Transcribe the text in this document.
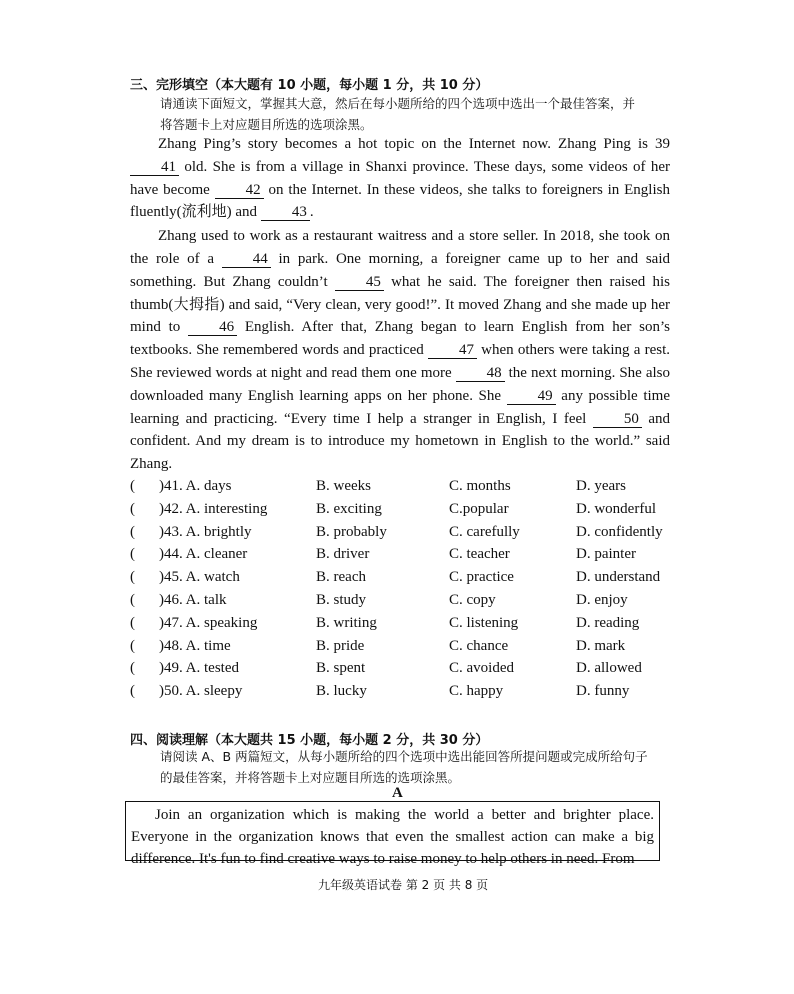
三、完形填空（本大题有 10 小题，每小题 1 分，共 10 分）
请通读下面短文，掌握其大意，然后在每小题所给的四个选项中选出一个最佳答案，并
将答题卡上对应题目所选的选项涂黑。

Zhang Ping’s story becomes a hot topic on the Internet now. Zhang Ping is 39 41 old. She is from a village in Shanxi province. These days, some videos of her have become 42 on the Internet. In these videos, she talks to foreigners in English fluently(流利地) and 43 .

Zhang used to work as a restaurant waitress and a store seller. In 2018, she took on the role of a 44 in park. One morning, a foreigner came up to her and said something. But Zhang couldn’t 45 what he said. The foreigner then raised his thumb(大拇指) and said, “Very clean, very good!”. It moved Zhang and she made up her mind to 46 English. After that, Zhang began to learn English from her son’s textbooks. She remembered words and practiced 47 when others were taking a rest. She reviewed words at night and read them one more 48 the next morning. She also downloaded many English learning apps on her phone. She 49 any possible time learning and practicing. “Every time I help a stranger in English, I feel 50 and confident. And my dream is to introduce my hometown in English to the world.” said Zhang.

( )41. A. days	B. weeks	C. months	D. years
( )42. A. interesting	B. exciting	C.popular	D. wonderful
( )43. A. brightly	B. probably	C. carefully	D. confidently
( )44. A. cleaner	B. driver	C. teacher	D. painter
( )45. A. watch	B. reach	C. practice	D. understand
( )46. A. talk	B. study	C. copy	D. enjoy
( )47. A. speaking	B. writing	C. listening	D. reading
( )48. A. time	B. pride	C. chance	D. mark
( )49. A. tested	B. spent	C. avoided	D. allowed
( )50. A. sleepy	B. lucky	C. happy	D. funny
四、阅读理解（本大题共 15 小题，每小题 2 分，共 30 分）
请阅读 A、B 两篇短文，从每小题所给的四个选项中选出能回答所提问题或完成所给句子
的最佳答案，并将答题卡上对应题目所选的选项涂黑。
A

Join an organization which is making the world a better and brighter place. Everyone in the organization knows that even the smallest action can make a big difference. It's fun to find creative ways to raise money to help others in need. From

九年级英语试卷 第 2 页 共 8 页
